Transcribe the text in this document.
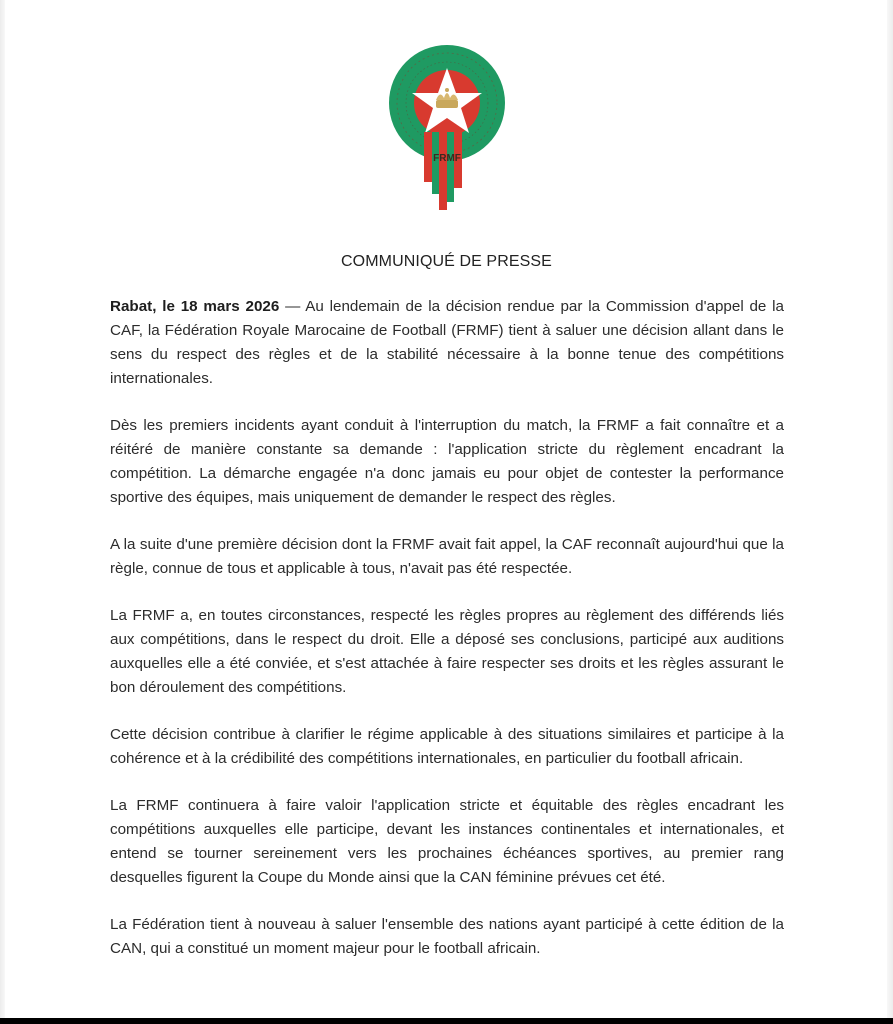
FRMF
COMMUNIQUÉ DE PRESSE

Rabat, le 18 mars 2026 — Au lendemain de la décision rendue par la Commission d'appel de la CAF, la Fédération Royale Marocaine de Football (FRMF) tient à saluer une décision allant dans le sens du respect des règles et de la stabilité nécessaire à la bonne tenue des compétitions internationales.

Dès les premiers incidents ayant conduit à l'interruption du match, la FRMF a fait connaître et a réitéré de manière constante sa demande : l'application stricte du règlement encadrant la compétition. La démarche engagée n'a donc jamais eu pour objet de contester la performance sportive des équipes, mais uniquement de demander le respect des règles.

A la suite d'une première décision dont la FRMF avait fait appel, la CAF reconnaît aujourd'hui que la règle, connue de tous et applicable à tous, n'avait pas été respectée.

La FRMF a, en toutes circonstances, respecté les règles propres au règlement des différends liés aux compétitions, dans le respect du droit. Elle a déposé ses conclusions, participé aux auditions auxquelles elle a été conviée, et s'est attachée à faire respecter ses droits et les règles assurant le bon déroulement des compétitions.

Cette décision contribue à clarifier le régime applicable à des situations similaires et participe à la cohérence et à la crédibilité des compétitions internationales, en particulier du football africain.

La FRMF continuera à faire valoir l'application stricte et équitable des règles encadrant les compétitions auxquelles elle participe, devant les instances continentales et internationales, et entend se tourner sereinement vers les prochaines échéances sportives, au premier rang desquelles figurent la Coupe du Monde ainsi que la CAN féminine prévues cet été.

La Fédération tient à nouveau à saluer l'ensemble des nations ayant participé à cette édition de la CAN, qui a constitué un moment majeur pour le football africain.
